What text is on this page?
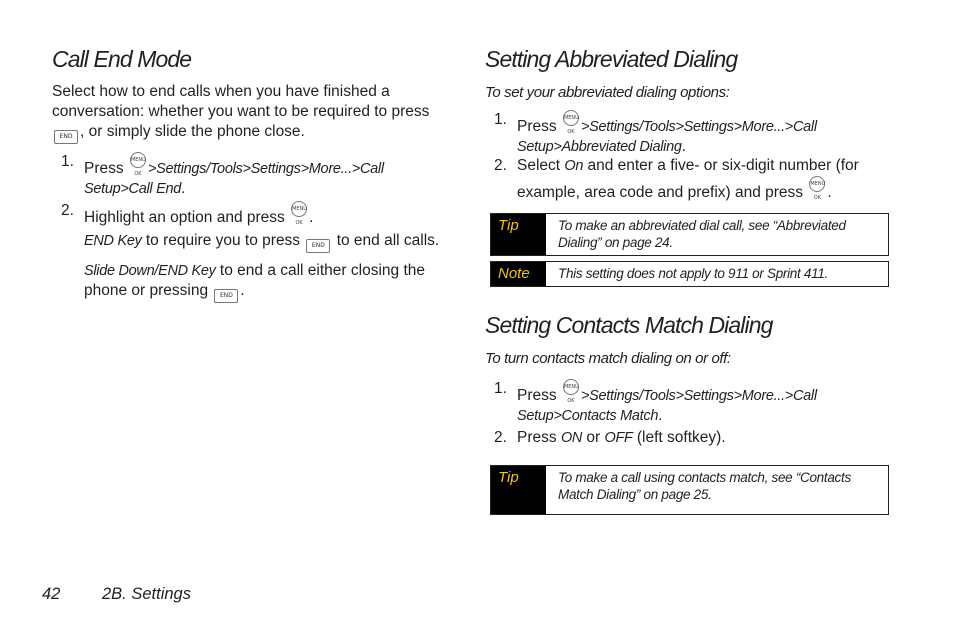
Call End Mode

Select how to end calls when you have finished a
conversation: whether you want to be required to press
END , or simply slide the phone close.

1. Press MENU OK >Settings/Tools>Settings>More...>Call
Setup>Call End.
2. Highlight an option and press MENU OK .

END Key to require you to press END to end all calls.

Slide Down/END Key to end a call either closing the
phone or pressing END .

Setting Abbreviated Dialing

To set your abbreviated dialing options:

1. Press MENU OK >Settings/Tools>Settings>More...>Call
Setup>Abbreviated Dialing.
2. Select On and enter a five- or six-digit number (for
example, area code and prefix) and press MENU OK .
Tip	To make an abbreviated dial call, see “Abbreviated Dialing” on page 24.
Note	This setting does not apply to 911 or Sprint 411.
Setting Contacts Match Dialing

To turn contacts match dialing on or off:

1. Press MENU OK >Settings/Tools>Settings>More...>Call
Setup>Contacts Match.
2. Press ON or OFF (left softkey).
Tip	To make a call using contacts match, see “Contacts Match Dialing” on page 25.
42	2B. Settings
